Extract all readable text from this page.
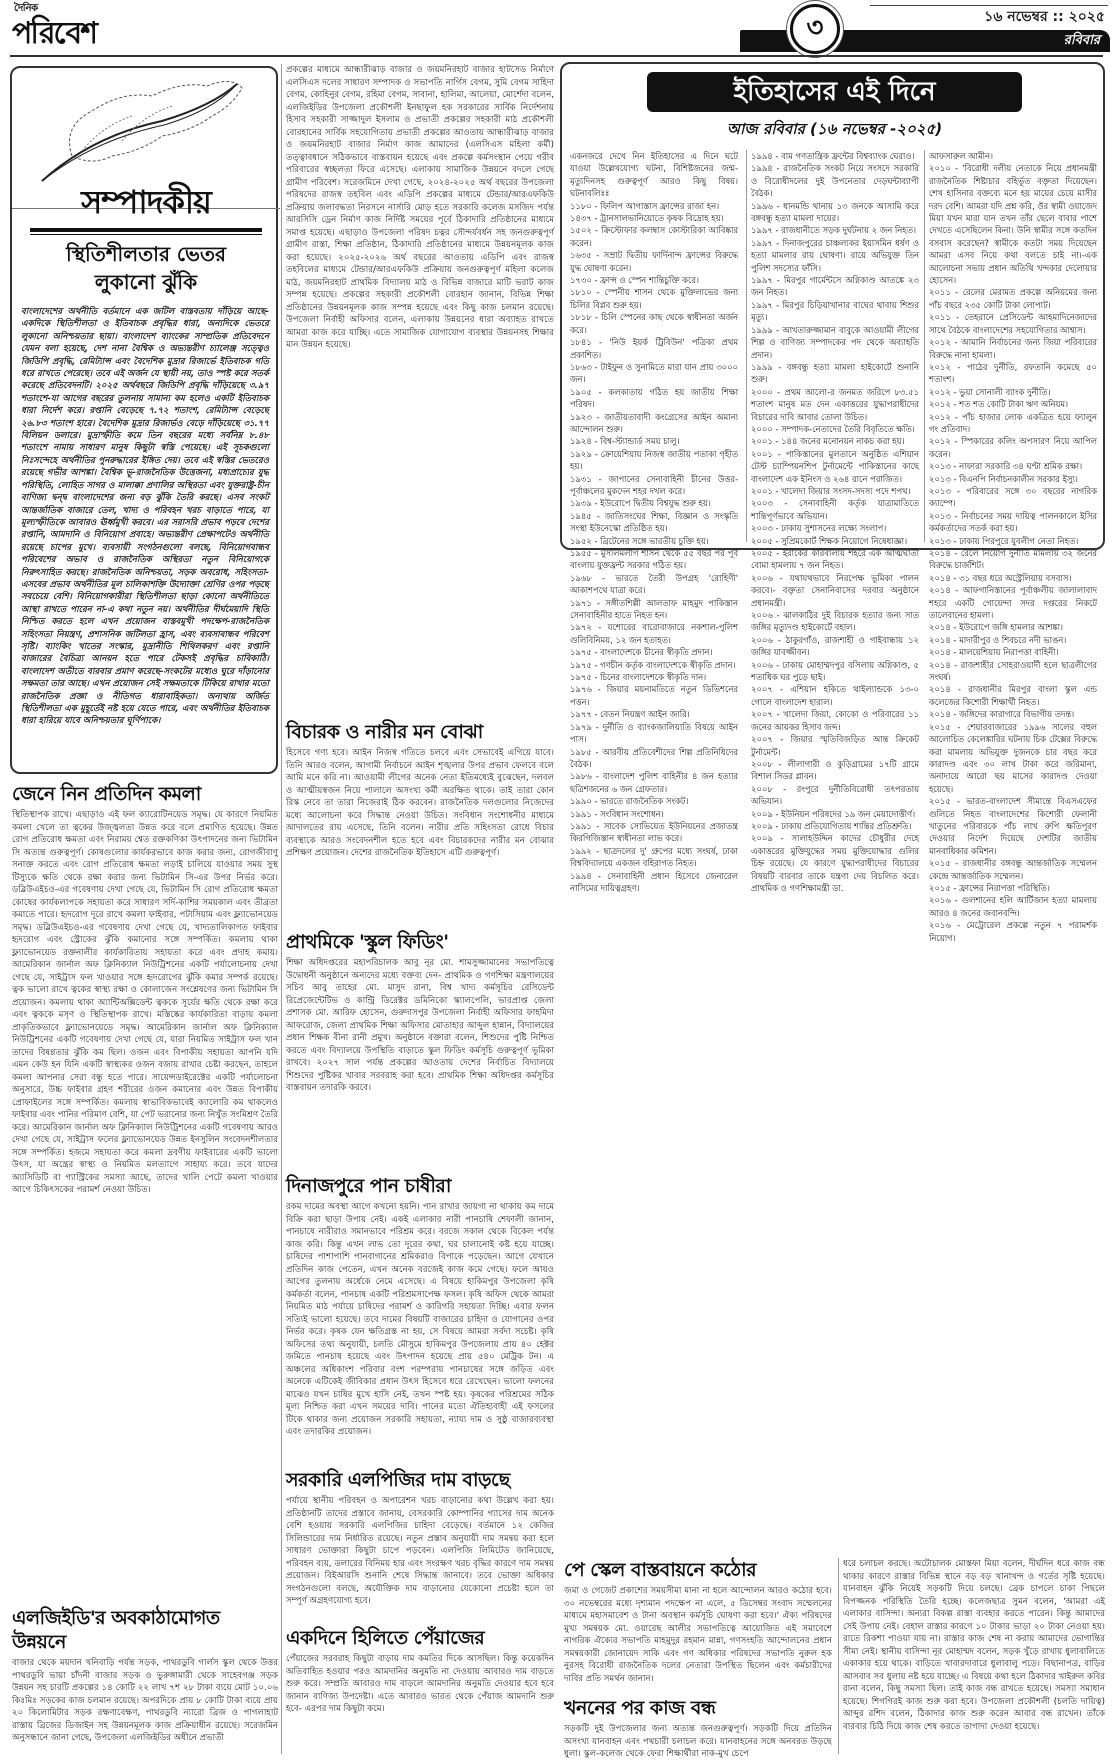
দৈনিক
পরিবেশ	৩	১৬ নভেম্বর :: ২০২৫
রবিবার
সম্পাদকীয়
স্থিতিশীলতার ভেতর
লুকানো ঝুঁকি
বাংলাদেশের অর্থনীতি বর্তমানে এক জটিল বাস্তবতায় দাঁড়িয়ে আছে-একদিকে স্থিতিশীলতা ও ইতিবাচক প্রবৃদ্ধির ধারা, অন্যদিকে ভেতরে লুকানো অনিশ্চয়তার ছায়া। বাংলাদেশ ব্যাংকের সাম্প্রতিক প্রতিবেদনে যেমন বলা হয়েছে, দেশ নানা বৈশ্বিক ও অভ্যন্তরীণ চ্যালেঞ্জ সত্ত্বেও জিডিপি প্রবৃদ্ধি, রেমিট্যান্স এবং বৈদেশিক মুদ্রার রিজার্ভে ইতিবাচক গতি ধরে রাখতে পেরেছে। তবে এই অর্জন যে স্থায়ী নয়, তাও স্পষ্ট করে সতর্ক করেছে প্রতিবেদনটি। ২০২৫ অর্থবছরে জিডিপি প্রবৃদ্ধি দাঁড়িয়েছে ৩.৯৭ শতাংশে-যা আগের বছরের তুলনায় সামান্য কম হলেও একটি ইতিবাচক ধারা নির্দেশ করে। রপ্তানি বেড়েছে ৭.৭২ শতাংশ, রেমিট্যান্স বেড়েছে ২৬.৮৩ শতাংশ হারে। বৈদেশিক মুদ্রার রিজার্ভও বেড়ে দাঁড়িয়েছে ৩১.৭৭ বিলিয়ন ডলারে। মুদ্রাস্ফীতি কমে তিন বছরের মধ্যে সর্বনিম্ন ৮.৪৮ শতাংশে নামায় সাধারণ মানুষ কিছুটা স্বস্তি পেয়েছে। এই সূচকগুলো নিঃসন্দেহে অর্থনীতির পুনরুদ্ধারের ইঙ্গিত দেয়। তবে এই স্বস্তির ভেতরেও রয়েছে গভীর আশঙ্কা। বৈশ্বিক ভূ-রাজনৈতিক উত্তেজনা, মধ্যপ্রাচ্যের যুদ্ধ পরিস্থিতি, লোহিত সাগর ও মালাক্কা প্রণালির অস্থিরতা এবং যুক্তরাষ্ট্র-চীন বাণিজ্য দ্বন্দ্ব বাংলাদেশের জন্য বড় ঝুঁকি তৈরি করছে। এসব সংকট আন্তর্জাতিক বাজারে তেল, খাদ্য ও পরিবহন খরচ বাড়াতে পারে, যা মূল্যস্ফীতিকে আবারও ঊর্ধ্বমুখী করবে। এর সরাসরি প্রভাব পড়বে দেশের রপ্তানি, আমদানি ও বিনিয়োগ প্রবাহে। অভ্যন্তরীণ প্রেক্ষাপটেও অর্থনীতি রয়েছে চাপের মুখে। ব্যবসায়ী সংগঠনগুলো বলছে, বিনিয়োগবান্ধব পরিবেশের অভাব ও রাজনৈতিক অস্থিরতা নতুন বিনিয়োগকে নিরুৎসাহিত করছে। রাজনৈতিক অনিশ্চয়তা, সড়ক অবরোধ, সহিংসতা-এসবের প্রভাব অর্থনীতির মূল চালিকাশক্তি উদ্যোক্তা শ্রেণির ওপর পড়ছে সবচেয়ে বেশি। বিনিয়োগকারীরা স্থিতিশীলতা ছাড়া কোনো অর্থনীতিতে আস্থা রাখতে পারেন না-এ কথা নতুন নয়। অর্থনীতির দীর্ঘমেয়াদি স্থিতি নিশ্চিত করতে হলে এখন প্রয়োজন বাস্তবমুখী পদক্ষেপ-রাজনৈতিক সহিংসতা নিয়ন্ত্রণ, প্রশাসনিক জটিলতা হ্রাস, এবং ব্যবসাবান্ধব পরিবেশ সৃষ্টি। ব্যাংকিং খাতের সংস্কার, মুদ্রানীতি শিথিলকরণ এবং রপ্তানি বাজারের বৈচিত্র্য আনয়ন হতে পারে টেকসই প্রবৃদ্ধির চাবিকাঠি। বাংলাদেশ অতীতে বারবার প্রমাণ করেছে-সংকটের মধ্যেও ঘুরে দাঁড়ানোর সক্ষমতা তার আছে। এখন প্রয়োজন সেই সক্ষমতাকে টিকিয়ে রাখার মতো রাজনৈতিক প্রজ্ঞা ও নীতিগত ধারাবাহিকতা। অন্যথায় অর্জিত স্থিতিশীলতা এক মুহূর্তেই নষ্ট হয়ে যেতে পারে, এবং অর্থনীতির ইতিবাচক ধারা হারিয়ে যাবে অনিশ্চয়তার ঘূর্ণিপাকে।
জেনে নিন প্রতিদিন কমলা
স্থিতিস্থাপক রাখে। এছাড়াও এই ফল ক্যারোটিনয়েড সমৃদ্ধ। যে কারণে নিয়মিত কমলা খেলে তা ত্বকের উজ্জ্বলতা উন্নত করে বলে প্রমাণিত হয়েছে। উন্নত রোগ প্রতিরোধ ক্ষমতা এবং নিরাময় শ্বেত রক্তকণিকা উৎপাদনের জন্য ভিটামিন সি অত্যন্ত গুরুত্বপূর্ণ। কোষগুলোর কার্যকরভাবে কাজ করার জন্য, রোগজীবাণু সনাক্ত করতে এবং রোগ প্রতিরোধ ক্ষমতা লড়াই চালিয়ে যাওয়ার সময় সুস্থ টিস্যুকে ক্ষতি থেকে রক্ষা করার জন্য ভিটামিন সি-এর উপর নির্ভর করে। ডব্লিউএইচও-এর গবেষণায় দেখা গেছে যে, ভিটামিন সি রোগ প্রতিরোধ ক্ষমতা কোষের কার্যকলাপকে সহায়তা করে সাধারণ সর্দি-কাশির সময়কাল এবং তীব্রতা কমাতে পারে। হৃদরোগ দূরে রাখে কমলা ফাইবার, পটাসিয়াম এবং ফ্ল্যাভোনয়েড সমৃদ্ধ। ডব্লিউএইচও-এর গবেষণায় দেখা গেছে যে, খাদ্যতালিকাগত ফাইবার হৃদরোগ এবং স্ট্রোকের ঝুঁকি কমানোর সঙ্গে সম্পর্কিত। কমলায় থাকা ফ্ল্যাভোনয়েড রক্তনালীর কার্যকারিতায় সহায়তা করে এবং প্রদাহ কমায়। আমেরিকান জার্নাল অফ ক্লিনিক্যাল নিউট্রিশনের একটি পর্যালোচনায় দেখা গেছে যে, সাইট্রাস ফল খাওয়ার সঙ্গে হৃদরোগের ঝুঁকি কমার সম্পর্ক রয়েছে। ত্বক ভালো রাখে ত্বকের স্বাস্থ্য রক্ষা ও কোলাজেন সংশ্লেষণের জন্য ভিটামিন সি প্রয়োজন। কমলায় থাকা অ্যান্টিঅক্সিডেন্ট ত্বককে সূর্যের ক্ষতি থেকে রক্ষা করে এবং ত্বককে মসৃণ ও স্থিতিস্থাপক রাখে। মস্তিষ্কের কার্যকারিতা বাড়ায় কমলা প্রাকৃতিকভাবে ফ্ল্যাভোনয়েডে সমৃদ্ধ। আমেরিকান জার্নাল অফ ক্লিনিক্যাল নিউট্রিশনের একটি গবেষণায় দেখা গেছে যে, যারা নিয়মিত সাইট্রাস ফল খান তাদের বিষণ্ণতার ঝুঁকি কম ছিল। ওজন এবং বিপাকীয় সহায়তা আপনি যদি এমন কেউ হন যিনি একটি স্বাস্থ্যকর ওজন বজায় রাখার চেষ্টা করছেন, তাহলে কমলা আপনার সেরা বন্ধু হতে পারে। সায়েন্সডাইরেক্টের একটি পর্যালোচনা অনুসারে, উচ্চ ফাইবার গ্রহণ শরীরের ওজন কমানোর এবং উন্নত বিপাকীয় প্রোফাইলের সঙ্গে সম্পর্কিত। কমলায় স্বাভাবিকভাবেই ক্যালোরি কম থাকলেও ফাইবার এবং পানির পরিমাণ বেশি, যা পেট ভরানোর জন্য নিখুঁত সংমিশ্রণ তৈরি করে। আমেরিকান জার্নাল অফ ক্লিনিক্যাল নিউট্রিশনের একটি গবেষণায় আরও দেখা গেছে যে, সাইট্রাস ফলের ফ্ল্যাভোনয়েড উন্নত ইনসুলিন সংবেদনশীলতার সঙ্গে সম্পর্কিত। হজমে সহায়তা করে কমলা দ্রবণীয় ফাইবারের একটি ভালো উৎস, যা অন্ত্রের স্বাস্থ্য ও নিয়মিত মলত্যাগে সাহায্য করে। তবে যাদের অ্যাসিডিটি বা গ্যাস্ট্রিকের সমস্যা আছে, তাদের খালি পেটে কমলা খাওয়ার আগে চিকিৎসকের পরামর্শ নেওয়া উচিত।
এলজিইডি'র অবকাঠামোগত উন্নয়নে
বাজার থেকে ময়দান খনিবাড়ি পর্যন্ত সড়ক, পাথরডুবি গার্লস স্কুল থেকে উত্তর পাথরডুবি ভায়া চাঁদনী বাজার সড়ক ও ভুরুঙ্গামারী থেকে সাহেবগঞ্জ সড়ক উন্নয়ন সহ চারটি প্রকল্পের ১৪ কোটি ২২ লাখ ৭শ ২৮ টাকা ব্যয়ে মোট ১০.০৬ কিঃমিঃ সড়কের কাজ চলমান রয়েছে। অপরদিকে প্রায় ৮ কোটি টাকা ব্যয়ে প্রায় ২০ কিলোমিটার সড়ক রক্ষণাবেক্ষণ, পাথরডুবি ন্যারো ব্রিজ ও পাগলাহাট রাস্তায় ব্রিজের ডিজাইন সহ উন্নয়নমূলক কাজ প্রক্রিয়াধীন রয়েছে। সরেজমিন অনুসন্ধানে জানা গেছে, উপজেলা এলজিইডির অধীনে প্রভাতী
প্রকল্পের মাধ্যমে আন্ধারীঝাড় বাজার ও জয়মনিরহাট বাজার হাটসেড নির্মাণে এলসিএস দলের সাধারণ সম্পাদক ও সভাপতি নার্গিস বেগম, সুমি বেগম সাহিদা বেগম, কোহিনুর বেগম, রহিমা বেগম, সাবানা, হালিমা, আলেয়া, মোর্শেদা বলেন, এলজিইডির উপজেলা প্রকৌশলী ইনছাফুল হক সরকারের সার্বিক নির্দেশনায় হিসাব সহকারী সাজ্জাদুল ইসলাম ও প্রভাতী প্রকল্পের সহকারী মাঠ প্রকৌশলী বোরহানের সার্বিক সহযোগিতায় প্রভাতী প্রকল্পের আওতায় আন্ধারীঝাড় বাজার ও জয়মনিরহাট বাজার নির্মাণ কাজ আমাদের (এলসিএস মহিলা কর্মী) তত্ত্বাবধানে সঠিকভাবে বাস্তবায়ন হয়েছে এবং প্রকল্পে কর্মসংস্থান পেয়ে গরীব পরিবারের স্বচ্ছলতা ফিরে এসেছে। এলাকায় সামাজিক উন্নয়নে বদলে গেছে গ্রামীণ পরিবেশ। সরেজমিনে দেখা গেছে, ২০২৪-২০২৫ অর্থ বছরের উপজেলা পরিষদের রাজস্ব তহবিল এবং এডিপি প্রকল্পের মাধ্যমে টেন্ডার/আরএফকিউ প্রক্রিয়ায় জলাবদ্ধতা নিরসনে নার্সারি মোড় হতে সরকারি কলেজ মসজিদ পর্যন্ত আরসিসি ড্রেন নির্মাণ কাজ নির্দিষ্ট সময়ের পূর্বে ঠিকাদারি প্রতিষ্ঠানের মাধ্যমে সমাপ্ত হয়েছে। এছাড়াও উপজেলা পরিষদ চত্বর সৌন্দর্যবর্ধন সহ জনগুরুত্বপূর্ণ গ্রামীণ রাস্তা, শিক্ষা প্রতিষ্ঠান, ঠিকাদারি প্রতিষ্ঠানের মাধ্যমে উন্নয়নমূলক কাজ করা হয়েছে। ২০২৫-২০২৬ অর্থ বছরের আওতায় এডিপি এবং রাজস্ব তহবিলের মাধ্যমে টেন্ডার/আরএফকিউ প্রক্রিয়ায় জনগুরুত্বপূর্ণ মহিলা কলেজ মাঠ, জয়মনিরহাট প্রাথমিক বিদ্যালয় মাঠ ও বিভিন্ন বাজারে মাটি ভরাট কাজ সম্পন্ন হয়েছে। প্রকল্পের সহকারী প্রকৌশলী বোরহান জানান, বিভিন্ন শিক্ষা প্রতিষ্ঠানের উন্নয়নমূলক কাজ সম্পন্ন হয়েছে এবং কিছু কাজ চলমান রয়েছে। উপজেলা নির্বাহী অফিসার বলেন, এলাকায় উন্নয়নের ধারা অব্যাহত রাখতে আমরা কাজ করে যাচ্ছি। এতে সামাজিক যোগাযোগ ব্যবস্থার উন্নয়নসহ শিক্ষার মান উন্নয়ন হয়েছে।
বিচারক ও নারীর মন বোঝা
হিসেবে গণ্য হবে। আইন নিজস্ব গতিতে চলবে এবং সেভাবেই এগিয়ে যাবে। তিনি আরও বলেন, আগামী নির্বাচনে আইন শৃঙ্খলার উপর প্রভাব ফেলবে বলে আমি মনে করি না। আওয়ামী লীগের অনেক নেতা ইতিমধ্যেই বুঝেছেন, দলবল ও আত্মীয়স্বজন নিয়ে পালালে অসংখ্য কর্মী অরক্ষিত থাকে। তাই তারা কোন রিস্ক নেবে তা তারা নিজেরাই ঠিক করবেন। রাজনৈতিক দলগুলোর নিজেদের মধ্যে আলোচনা করে সিদ্ধান্ত নেওয়া উচিত। সংবিধান সংশোধনীর মাধ্যমে আদালতের রায় এসেছে, তিনি বলেন। নারীর প্রতি সহিংসতা রোধে বিচার ব্যবস্থাকে আরও সংবেদনশীল হতে হবে এবং বিচারকদের নারীর মন বোঝার প্রশিক্ষণ প্রয়োজন। দেশের রাজনৈতিক ইতিহাসে এটি গুরুত্বপূর্ণ।
প্রাথমিকে 'স্কুল ফিডিং'
শিক্ষা অধিদপ্তরের মহাপরিচালক আবু নূর মো. শামসুজ্জামানের সভাপতিত্বে উদ্বোধনী অনুষ্ঠানে অন্যদের মধ্যে বক্তব্য দেন- প্রাথমিক ও গণশিক্ষা মন্ত্রণালয়ের সচিব আবু তাহের মো. মাসুদ রানা, বিশ্ব খাদ্য কর্মসূচির রেসিডেন্ট রিপ্রেজেন্টেটিভ ও কান্ট্রি ডিরেক্টর ডমিনিকো স্ক্যালপেলি, ভারপ্রাপ্ত জেলা প্রশাসক মো. আরিফ হোসেন, গুরুদাসপুর উপজেলা নির্বাহী অফিসার ফাহমিদা আফরোজ, জেলা প্রাথমিক শিক্ষা অফিসার মোতাহার আব্দুল হান্নান, বিদ্যালয়ের প্রধান শিক্ষক বীনা রানী প্রমুখ। অনুষ্ঠানে বক্তারা বলেন, শিশুদের পুষ্টি নিশ্চিত করতে এবং বিদ্যালয়ে উপস্থিতি বাড়াতে স্কুল ফিডিং কর্মসূচি গুরুত্বপূর্ণ ভূমিকা রাখবে। ২০২৭ সাল পর্যন্ত প্রকল্পের আওতায় দেশের নির্বাচিত বিদ্যালয়ে শিশুদের পুষ্টিকর খাবার সরবরাহ করা হবে। প্রাথমিক শিক্ষা অধিদপ্তর কর্মসূচির বাস্তবায়ন তদারকি করবে।
দিনাজপুরে পান চাষীরা
রকম দামের অবস্থা আগে কখনো হয়নি। পান রাখার জায়গা না থাকায় কম দামে বিক্রি করা ছাড়া উপায় নেই। একই এলাকার নারী পানচাষি শেফালী জানান, পানচাষে নারীরাও সমানভাবে পরিশ্রম করে। বরজে সকাল থেকে বিকেল পর্যন্ত কাজ করি। কিন্তু এখন লাভ তো দূরের কথা, ঘর চালানোই কষ্ট হয়ে যাচ্ছে। চাষিদের পাশাপাশি পানবাগানের শ্রমিকরাও বিপাকে পড়েছেন। আগে যেখানে প্রতিদিন কাজ পেতেন, এখন অনেক বরজেই কাজ কমে গেছে। ফলে আয়ও আগের তুলনায় অর্ধেকে নেমে এসেছে। এ বিষয়ে হাকিমপুর উপজেলা কৃষি কর্মকর্তা বলেন, পানচাষ একটি পরিশ্রমসাপেক্ষ ফসল। কৃষি অফিস থেকে আমরা নিয়মিত মাঠ পর্যায়ে চাষিদের পরামর্শ ও কারিগরি সহায়তা দিচ্ছি। এবার ফলন সত্যিই ভালো হয়েছে। তবে দামের বিষয়টি বাজারের চাহিদা ও যোগানের ওপর নির্ভর করে। কৃষক যেন ক্ষতিগ্রস্ত না হয়, সে বিষয়ে আমরা সর্বদা সচেষ্ট। কৃষি অফিসের তথ্য অনুযায়ী, চলতি মৌসুমে হাকিমপুর উপজেলায় প্রায় ৪০ হেক্টর জমিতে পানচাষ হয়েছে এবং উৎপাদন হয়েছে প্রায় ৫৪০ মেট্রিক টন। এ অঞ্চলের অধিকাংশ পরিবার বংশ পরম্পরায় পানচাষের সঙ্গে জড়িত এবং অনেকে এটিকেই জীবিকার প্রধান উৎস হিসেবে ধরে রেখেছেন। ভালো ফলনের মাঝেও যখন চাষির মুখে হাসি নেই, তখন স্পষ্ট হয়। কৃষকের পরিশ্রমের সঠিক মূল্য নিশ্চিত করা এখন সময়ের দাবি। পানের মতো ঐতিহ্যবাহী এই ফসলের টিকে থাকার জন্য প্রয়োজন সরকারি সহায়তা, ন্যায্য দাম ও সুষ্ঠু বাজারব্যবস্থা এবং তদারকির প্রয়োজন।
সরকারি এলপিজির দাম বাড়ছে
পর্যায়ে স্থানীয় পরিবহন ও অপারেশন খরচ বাড়ানোর কথা উল্লেখ করা হয়। প্রতিষ্ঠানটি তাদের প্রস্তাবে জানায়, বেসরকারি কোম্পানির গ্যাসের দাম অনেক বেশি হওয়ায় সরকারি এলপিজির চাহিদা বেড়েছে। বর্তমানে ১২ কেজির সিলিন্ডারের দাম নির্ধারিত রয়েছে। নতুন প্রস্তাব অনুযায়ী দাম সমন্বয় করা হলে সাধারণ ভোক্তারা কিছুটা চাপে পড়বেন। এলপিজি লিমিটেড জানিয়েছে, পরিবহন ব্যয়, ডলারের বিনিময় হার এবং সংরক্ষণ খরচ বৃদ্ধির কারণে দাম সমন্বয় প্রয়োজন। বিইআরসি শুনানি শেষে সিদ্ধান্ত জানাবে। তবে ভোক্তা অধিকার সংগঠনগুলো বলছে, অযৌক্তিক দাম বাড়ানোর যেকোনো প্রচেষ্টা হলে তা সম্পূর্ণ অগ্রহণযোগ্য হবে।
একদিনে হিলিতে পেঁয়াজের
পেঁয়াজের সরবরাহ কিছুটা বাড়ায় দাম কমতির দিকে আসছিল। কিন্তু কয়েকদিন অতিবাহিত হওয়ার পরও আমদানির অনুমতি না দেওয়ায় আবারও দাম বাড়তে শুরু করে। সম্প্রতি আবারও দাম বাড়লে আমদানির অনুমতি দেওয়ার হবে হবে জানান বাণিজ্য উপদেষ্টা। এতে আবারও ভারত থেকে পেঁয়াজ আমদানি শুরু হবে- এরপর দাম কিছুটা কমে।
ইতিহাসের এই দিনে
আজ রবিবার (১৬ নভেম্বর -২০২৫)
একনজরে দেখে নিন ইতিহাসের এ দিনে ঘটে যাওয়া উল্লেখযোগ্য ঘটনা, বিশিষ্টজনের জন্ম-মৃত্যুদিনসহ গুরুত্বপূর্ণ আরও কিছু বিষয়। ঘটনাবলিঃঃ
১১৮০ - ফিলিপ আগাস্তাস ফ্রান্সের রাজা হন।
১৪৩৭ - ট্রানসালভানিয়োতে কৃষক বিদ্রোহ হয়।
১৫০২ - ক্রিস্টোফার কলম্বাস কোস্টারিকা আবিষ্কার করেন।
১৬৩৫ - সম্রাট দ্বিতীয় ফার্দিনান্দ ফ্রান্সের বিরুদ্ধে যুদ্ধ ঘোষণা করেন।
১৭৩০ - ফ্রান্স ও স্পেন শান্তিচুক্তি করে।
১৮১০ - স্পেনীয় শাসন থেকে মুক্তিলাভের জন্য চিলির বিপ্লব শুরু হয়।
১৮১৮ - চিলি স্পেনের কাছ থেকে স্বাধীনতা অর্জন করে।
১৮৪১ - 'নিউ ইয়র্ক ট্রিবিউন' পত্রিকা প্রথম প্রকাশিত।
১৮৬৩ - টাইফুন ও সুনামিতে মারা যান প্রায় ৩০০০ জন।
১৯০৫ - কলকাতায় গঠিত হয় জাতীয় শিক্ষা পরিষদ।
১৯২৩ - জাতীয়তাবাদী কংগ্রেসের আইন অমান্য আন্দোলন শুরু।
১৯২৪ - বিশ্ব-স্ট্যান্ডার্ড সময় চালু।
১৯২৯ - ক্রোয়েশিয়ায় নিজস্ব জাতীয় পতাকা গৃহীত হয়।
১৯৩১ - জাপানের সেনাবাহিনী চীনের উত্তর-পূর্বাঞ্চলের মুকদেন শহর দখল করে।
১৯৩৯ - ইউরোপে দ্বিতীয় বিশ্বযুদ্ধ শুরু হয়।
১৯৪৫ - জাতিসংঘের শিক্ষা, বিজ্ঞান ও সংস্কৃতি সংস্থা ইউনেস্কো প্রতিষ্ঠিত হয়।
১৯৫২ - ব্রিটেনের সঙ্গে ভারতীয় চুক্তি হয়।
১৯৫৫ - মুসলিমলীগ শাসন থেকে ৫৫ বছর পর পূর্ব বাংলায় যুক্তফ্রন্ট সরকার গঠিত হয়।
১৯৬৮ - ভারতে তৈরী উপগ্রহ 'রোহিণী' আকাশপথে যাত্রা করে।
১৯৭১ - সঙ্গীতশিল্পী আলতাফ মাহমুদ পাকিস্তান সেনাবাহিনীর হাতে নিহত হন।
১৯৭২ - যশোরের বারোবাজারে নকশাল-পুলিশ গুলিবিনিময়, ১২ জন হতাহত।
১৯৭৫ - বাংলাদেশকে চীনের স্বীকৃতি প্রদান।
১৯৭৫ - গণচীন কর্তৃক বাংলাদেশকে স্বীকৃতি প্রদান।
১৯৭৫ - চিনের বাংলাদেশকে স্বীকৃতি দান।
১৯৭৬ - জিয়ার ময়নামতিতে নতুন ডিভিশনের পত্তন।
১৯৭৭ - বেতন নিয়ন্ত্রণ আইন জারি।
১৯৭৯ - দুর্নীতি ও ব্যাংকজালিয়াতি বিষয়ে আইন পাস।
১৯৮৫ - আরবীয় প্রতিবেশীদের শিল্প প্রতিনিধিদের বৈঠক।
১৯৮৬ - বাংলাদেশ পুলিশ বাহিনীর ৪ জন হত্যার ছত্রিশজনের ৬ জন গ্রেফতার।
১৯৯০ - ভারতে রাজনৈতিক সংকট।
১৯৯১ - সংবিধান সংশোধন।
১৯৯১ - সাবেক সোভিয়েত ইউনিয়নের প্রজাতন্ত্র কিরগিজিস্তান স্বাধীনতা লাভ করে।
১৯৯২ - ছাত্রদলের দু' গ্রুপের মধ্যে সংঘর্ষ, ঢাকা বিশ্ববিদ্যালয়ে একজন বহিরাগত নিহত।
১৯৯৪ - সেনাবাহিনী প্রধান হিসেবে জেনারেল নাসিমের দায়িত্বগ্রহণ।
১৯৯৪ - বাম গণতান্ত্রিক ফ্রন্টের বিশ্বব্যাংক ঘেরাও।
১৯৯৪ - রাজনৈতিক সংকট নিয়ে সংসদে সরকারি ও বিরোধীদলের দুই উপনেতার দেড়ঘন্টাব্যাপী বৈঠক।
১৯৯৬ - ধানমন্ডি থানায় ১৩ জনকে আসামি করে বঙ্গবন্ধু হত্যা মামলা দায়ের।
১৯৯৭ - রাজধানীতে সড়ক দুর্ঘটনায় ২ জন নিহত।
১৯৯৭ - দিনাজপুরের চাঞ্চল্যকর ইয়াসমিন ধর্ষণ ও হত্যা মামলার রায় ঘোষণা। রায়ে অভিযুক্ত তিন পুলিশ সদস্যের ফাঁসি।
১৯৯৭ - মিরপুর গার্মেন্টসে অগ্নিকাণ্ড আতঙ্কে ২৩ জন নিহত।
১৯৯৭ - মিরপুর চিড়িয়াখানার বাঘের থাবায় শিশুর মৃত্যু।
১৯৯৯ - আখতারুজ্জামান বাবুকে আওয়ামী লীগের শিল্প ও বাণিজ্য সম্পাদকের পদ থেকে অব্যাহতি প্রদান।
১৯৯৯ - বঙ্গবন্ধু হত্যা মামলা হাইকোর্টে শুনানি শুরু।
২০০০ - প্রথম আলো-র জনমত জরিপে ৮৩.৫১ শতাংশ মানুষ মত দেন একাত্তরের যুদ্ধাপরাধীদের বিচারের দাবি আবার তোলা উচিত।
২০০০ - সম্পাদক-নেতাদের তৈরি বিবৃতিতে ক্ষতি।
২০০১ - ১৪৪ জনের মনোনয়ন নাকচ করা হয়।
২০০১ - পাকিস্তানের মুলতানে অনুষ্ঠিত এশিয়ান টেস্ট চ্যাম্পিয়নশিপ টুর্নামেন্টে পাকিস্তানের কাছে বাংলাদেশ এক ইনিংস ও ২৬৪ রানে পরাজিত।
২০০১ - খালেদা জিয়ার সংসদ-সদস্য পদে শপথ।
২০০৩ - সেনাবাহিনী কর্তৃক যাত্রামাতিতে শান্তিপূর্ণভাবে অভিযান।
২০০৩ - ঢাকায় সুশাসনের লক্ষ্যে সংলাপ।
২০০৫ - সুপ্রিমকোর্ট শিক্ষক নিয়োগে নিষেধাজ্ঞা।
২০০৫ - ইরাকের কারবালায় শহরে এক আত্মঘাতী বোমা হামলায় ৭ জন নিহত।
২০০৬ - যথাযথভাবে নিরপেক্ষ ভূমিকা পালন করবে।- বক্তৃতা সেনানিবাসের দরবার অনুষ্ঠানে প্রধানমন্ত্রী।
২০০৬ - ঝালকাঠির দুই বিচারক হত্যার জন্য সাত জঙ্গির মৃত্যুদণ্ড হাইকোর্টে বহাল।
২০০৬ - ঠাকুরগাঁও, রাজশাহী ও গাইবান্ধায় ১২ জঙ্গির যাবজ্জীবন।
২০০৬ - ঢাকায় মোহাম্মদপুর বসিলায় অগ্নিকাণ্ড, ৫ শতাধিক ঘর পুড়ে ছাই।
২০০৭ - এশিয়ান হকিতে থাইল্যান্ডকে ১৩-০ গোলে বাংলাদেশ হারাল।
২০০৭ - খালেদা জিয়া, কোকো ও পরিবারের ১১ জনের আয়কর হিসাব জব্দ।
২০০৭ - জিয়ার স্মৃতিবিজড়িত আন্ত ক্রিকেট টুর্নামেন্ট।
২০০৮ - লীলাগারী ও কুড়িগ্রামের ১৭টি গ্রামে বিশাল সিডর প্লাবন।
২০০৮ - রংপুরে দুর্নীতিবিরোধী তৎপরতায় অভিযান।
২০০৯ - ইউনিয়ন পরিষদের ১৯ জন মেয়াদোত্তীর্ণ।
২০০৯ - ঢাকায় প্রতিযোগিতায় শান্তির প্রতিশ্রুতি।
২০০৯ - সালাহউদ্দিন কাদের চৌধুরীর দেহে একাত্তরের মুক্তিযুদ্ধের সময় মুক্তিযোদ্ধার গুলির চিহ্ন রয়েছে। যে কারণে যুদ্ধাপরাধীদের বিচারের বিষয়টি বারবার তাকে যন্ত্রণা দেয় বিচলিত করে। প্রাথমিক ও গণশিক্ষামন্ত্রী ডা.
আফসারুল আমীন।
২০১০ - 'বিরোধী দলীয় নেতাকে নিয়ে প্রধানমন্ত্রী রাজনৈতিক শিষ্টাচার বহির্ভূত বক্তৃতা দিয়েছেন। শেখ হাসিনার বক্তব্যে মনে হয় মায়ের চেয়ে মাসীর দরদ বেশি। আমরা যদি প্রশ্ন করি, ওঁর স্বামী ওয়াজেদ মিয়া যখন মারা যান তখন তাঁর ছেলে বাবার পাশে দেখতে এসেছিলেন কিনা। উনি স্বামীর সঙ্গে কতদিন বসবাস করেছেন? স্বামীকে কতটা সময় দিয়েছেন আমরা এসব নিয়ে কথা বলতে চাই না।-এক আলোচনা সভায় প্রধান অতিথি খন্দকার দেলোয়ার হোসেন।
২০১১ - রেলের মেরামত প্রকল্পে অনিয়মের জন্য পাঁচ বছরে ২৩৫ কোটি টাকা লোপাট।
২০১১ - তেহরানে প্রেসিডেন্ট আহমাদিনেজাদের সাথে বৈঠকে বাংলাদেশের সহযোগিতার আশ্বাস।
২০১২ - আমানি নির্বাচনের জন্য জিয়া পরিবারের বিরুদ্ধে নানা হামলা।
২০১২ - পাঠের দুর্নীতি, রফতানি কমেছে ৫০ শতাংশ।
২০১২ - ভুয়া সোনালী ব্যাংক দুর্নীতি।
২০১২ - শত শত কোটি টাকা ঋণ অনিয়ম।
২০১২ - পাঁচ হাজার লোক একত্রিত হয়ে ফ্যালুন গং প্রতিবাদ।
২০১২ - স্পিকারের কলিং অপসারণ নিয়ে আপিল করেন।
২০১৩ - নাফারা সরকারি ৩৪ ঘণ্টা শ্রমিক রক্ষা।
২০১৩ - বিএনপি নির্বাচনকালীন সরকার ইস্যু।
২০১৩ - পরিবারের সঙ্গে ৩০ বছরের নাগরিক ক্যাম্পে।
২০১৩ - নির্বাচনের সময় দায়িত্ব পালনকালে ইসির কর্মকর্তাদের সতর্ক করা হয়।
২০১৩ - ঢাকায় পিরপুরে যুবলীগ নেতা নিহত।
২০১৪ - রেলে নিয়োগ দুর্নীতি মামলায় ৩২ জনের বিরুদ্ধে চার্জশিট।
২০১৪ - ৩১ বছর ধরে অস্ট্রেলিয়ায় বসবাস।
২০১৪ - আফগানিস্তানের পূর্বাঞ্চলীয় জালালাবাদ শহরে একটি গোয়েন্দা সদর দপ্তরের নিকটে তালেবানের হামলা।
২০১৪ - ইউরোপে জঙ্গি হামলার আশঙ্কা।
২০১৪ - মাদারীপুর ও শিবচরে নদী ভাঙন।
২০১৪ - মালয়েশিয়ায় নিরাপত্তা বাহিনী।
২০১৪ - রাজশাহীর সোহরাওয়ার্দী হলে ছাত্রলীগের সংঘর্ষ।
২০১৪ - রাজধানীর মিরপুর বাংলা স্কুল এন্ড কলেজের কিশোরী শিক্ষার্থী নিহত।
২০১৪ - জঙ্গিদের কারাগারে বিভাগীয় তদন্ত।
২০১৫ - শেয়ারবাজারের ১৯৯৬ সালের বহুল আলোচিত কেলেঙ্কারির ঘটনায় চিক টেক্সের বিরুদ্ধে করা মামলায় অভিযুক্ত দুজনকে চার বছর করে কারাদণ্ড এবং ৩০ লাখ টাকা করে জরিমানা, অনাদায়ে আরো ছয় মাসের কারাদণ্ড দেওয়া হয়েছে।
২০১৫ - ভারত-বাংলাদেশ সীমান্তে বিএসএফের গুলিতে নিহত বাংলাদেশের কিশোরী ফেলানী খাতুনের পরিবারকে পাঁচ লাখ রুপি ক্ষতিপূরণ দেওয়ার নির্দেশ দিয়েছে দেশটির জাতীয় মানবাধিকার কমিশন।
২০১৫ - রাজধানীর বঙ্গবন্ধু আন্তর্জাতিক সম্মেলন কেন্দ্রে আন্তর্জাতিক সম্মেলন।
২০১৫ - ফ্রান্সের নিরাপত্তা পরিস্থিতি।
২০১৬ - গুলশানের হলি আর্টিজান হত্যা মামলায় আরও ৪ জনের জবানবন্দি।
২০১৬ - মেট্রোরেল প্রকল্পে নতুন ৭ পরামর্শক নিয়োগ।
পে স্কেল বাস্তবায়নে কঠোর
জমা ও গেজেট প্রকাশের সময়সীমা মানা না হলে আন্দোলন আরও কঠোর হবে। ৩০ নভেম্বরের মধ্যে দৃশ্যমান পদক্ষেপ না এলে, ৫ ডিসেম্বর সংবাদ সম্মেলনের মাধ্যমে মহাসমাবেশ ও টানা অবস্থান কর্মসূচি ঘোষণা করা হবে।' ঐক্য পরিষদের মুখ্য সমন্বয়ক মো. ওয়ারেছ আলীর সভাপতিত্বে আয়োজিত এই সমাবেশে নাগরিক ঐক্যের সভাপতি মাহমুদুর রহমান মান্না, গণসংহতি আন্দোলনের প্রধান সমন্বয়কারী জোনায়েদ সাকি এবং গণ অধিকার পরিষদের সভাপতি নুরুল হক নুরসহ বিরোধী রাজনৈতিক দলের নেতারা উপস্থিত ছিলেন এবং কর্মচারীদের দাবির প্রতি সমর্থন জানান।
খননের পর কাজ বন্ধ
সড়কটি দুই উপজেলার জন্য অত্যন্ত জনগুরুত্বপূর্ণ। সড়কটি দিয়ে প্রতিদিন অসংখ্য যানবাহন এবং পথচারী চলাচল করে। যানবাহনের সঙ্গে অনবরত উড়ছে ধুলা। স্কুল-কলেজ থেকে ফেরা শিক্ষার্থীরা নাক-মুখ চেপে
ধরে চলাচল করছে। অটোচালক মোস্তফা মিয়া বলেন, দীর্ঘদিন ধরে কাজ বন্ধ থাকার কারণে রাস্তার বিভিন্ন স্থানে বড় বড় খানাখন্দ ও গর্তের সৃষ্টি হয়েছে। যানবাহন ঝুঁকি নিয়েই সড়কটি দিয়ে চলছে। ব্রেক চাপলে চাকা পিছলে বিপজ্জনক পরিস্থিতি তৈরি হচ্ছে। কলেজছাত্র সুমন বলেন, 'আমরা এই এলাকার বাসিন্দা। অন্যরা বিকল্প রাস্তা ব্যবহার করতে পারেন। কিন্তু আমাদের সেই উপায় নেই। বেহাল রাস্তার কারণে ১০ টাকার ভাড়া ২০ টাকা নেওয়া হয়। রাতে রিকশা পাওয়া যায় না। রাস্তার কাজ শেষ না করায় আমাদের ভোগান্তির সীমা নেই। স্থানীয় বাসিন্দা নূর মোহাম্মদ বলেন, সড়ক খুঁড়ে রাখায় ধুলাবালিতে একাকার হয়ে থাকে। বাড়িতে খাবারদাবারে ধুলাবালু পড়ে। বিছানাপত্র, বাড়ির আসবাব সব ধুলায় নষ্ট হয়ে যাচ্ছে। এ বিষয়ে কথা হলে ঠিকাদার খাইরুল কবির রানা বলেন, কিছু সমস্যা ছিল। তাই কাজ বন্ধ রাখতে হয়েছে। সমস্যা সমাধান হয়েছে। শিগগিরই কাজ শুরু করা হবে। উপজেলা প্রকৌশলী (চলতি দায়িত্ব) আব্দুর রশিদ বলেন, ঠিকাদার কাজ শুরু করেন আবার বন্ধ রাখেন। তাঁকে বারবার চিঠি দিয়ে কাজ শেষ করতে তাগাদা দেওয়া হয়েছে।
